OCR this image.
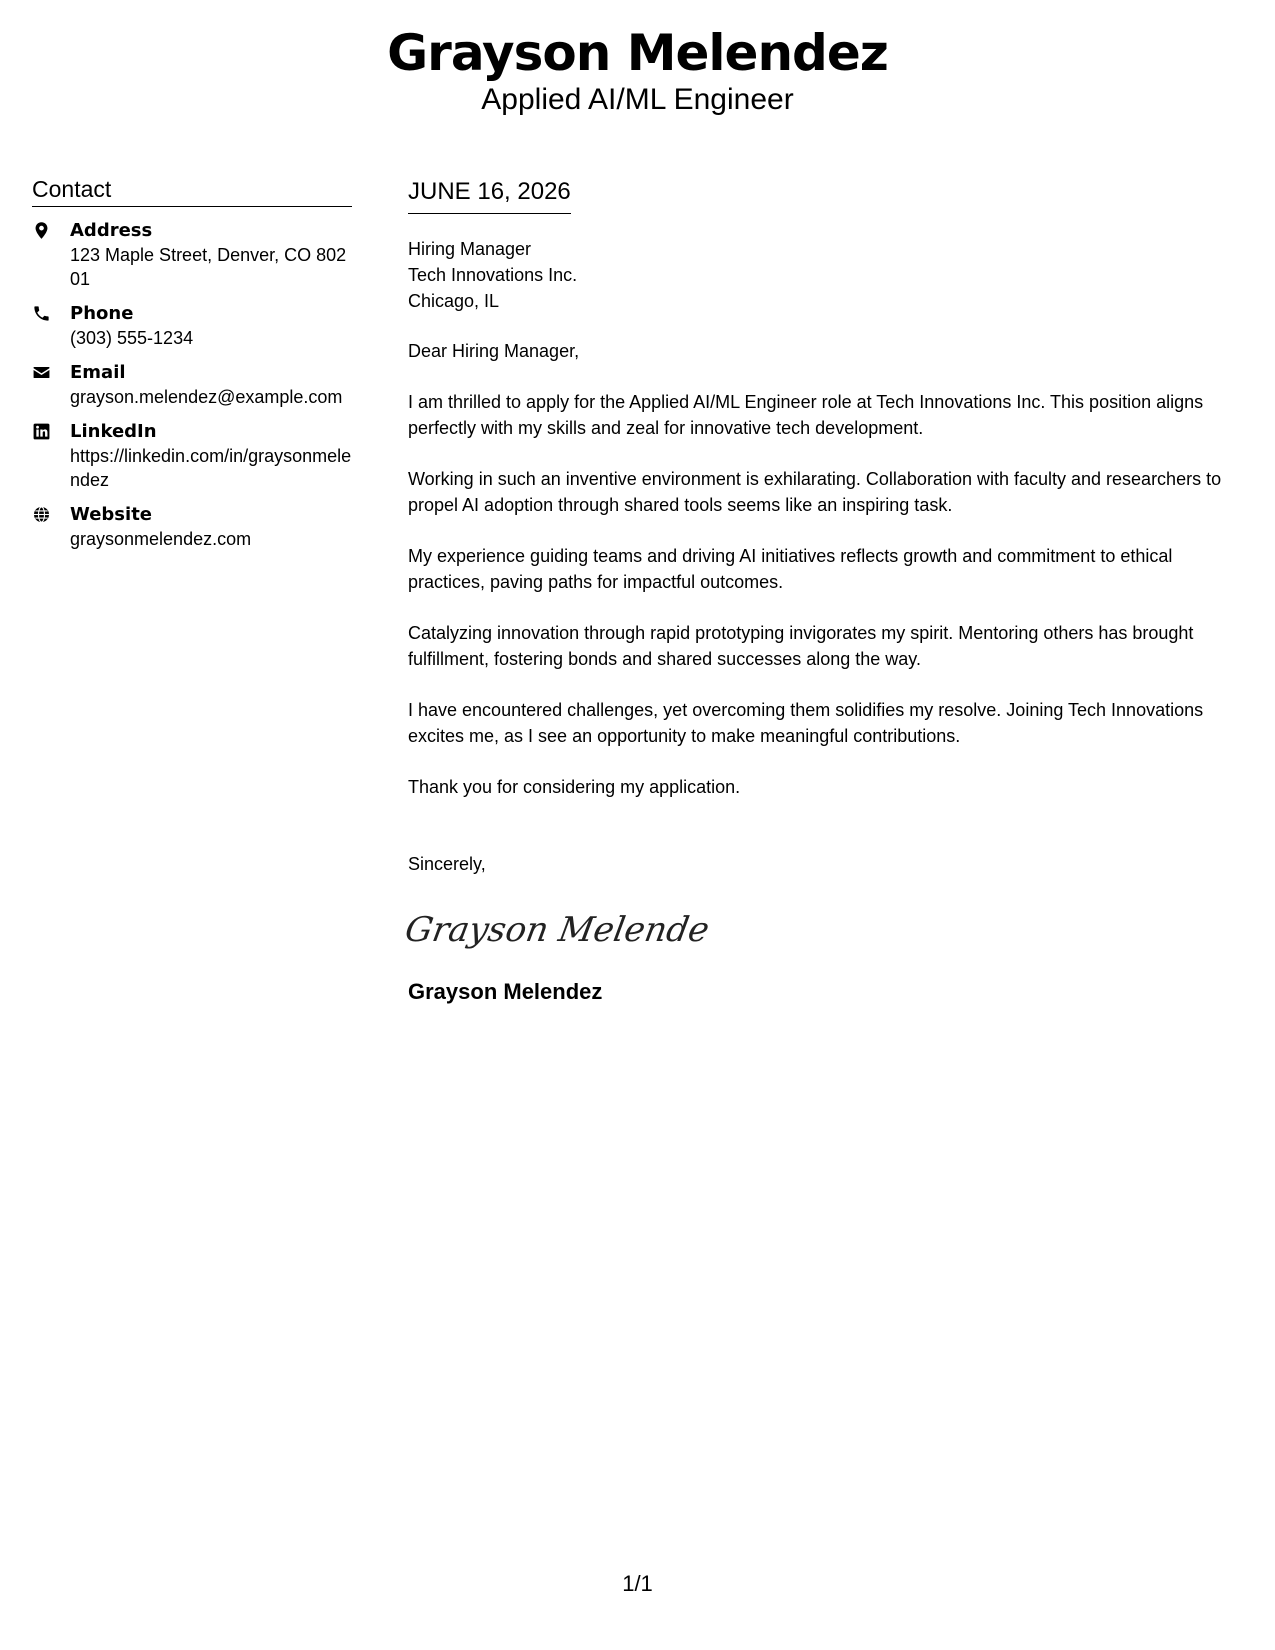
Grayson Melendez
Applied AI/ML Engineer
Contact
Address
123 Maple Street, Denver, CO 80201
Phone
(303) 555-1234
Email
grayson.melendez@example.com
LinkedIn
https://linkedin.com/in/graysonmelendez
Website
graysonmelendez.com
JUNE 16, 2026
Hiring Manager
Tech Innovations Inc.
Chicago, IL
Dear Hiring Manager,
I am thrilled to apply for the Applied AI/ML Engineer role at Tech Innovations Inc. This position aligns perfectly with my skills and zeal for innovative tech development.
Working in such an inventive environment is exhilarating. Collaboration with faculty and researchers to propel AI adoption through shared tools seems like an inspiring task.
My experience guiding teams and driving AI initiatives reflects growth and commitment to ethical practices, paving paths for impactful outcomes.
Catalyzing innovation through rapid prototyping invigorates my spirit. Mentoring others has brought fulfillment, fostering bonds and shared successes along the way.
I have encountered challenges, yet overcoming them solidifies my resolve. Joining Tech Innovations excites me, as I see an opportunity to make meaningful contributions.
Thank you for considering my application.
Sincerely,
Grayson Melende
Grayson Melendez
1/1
